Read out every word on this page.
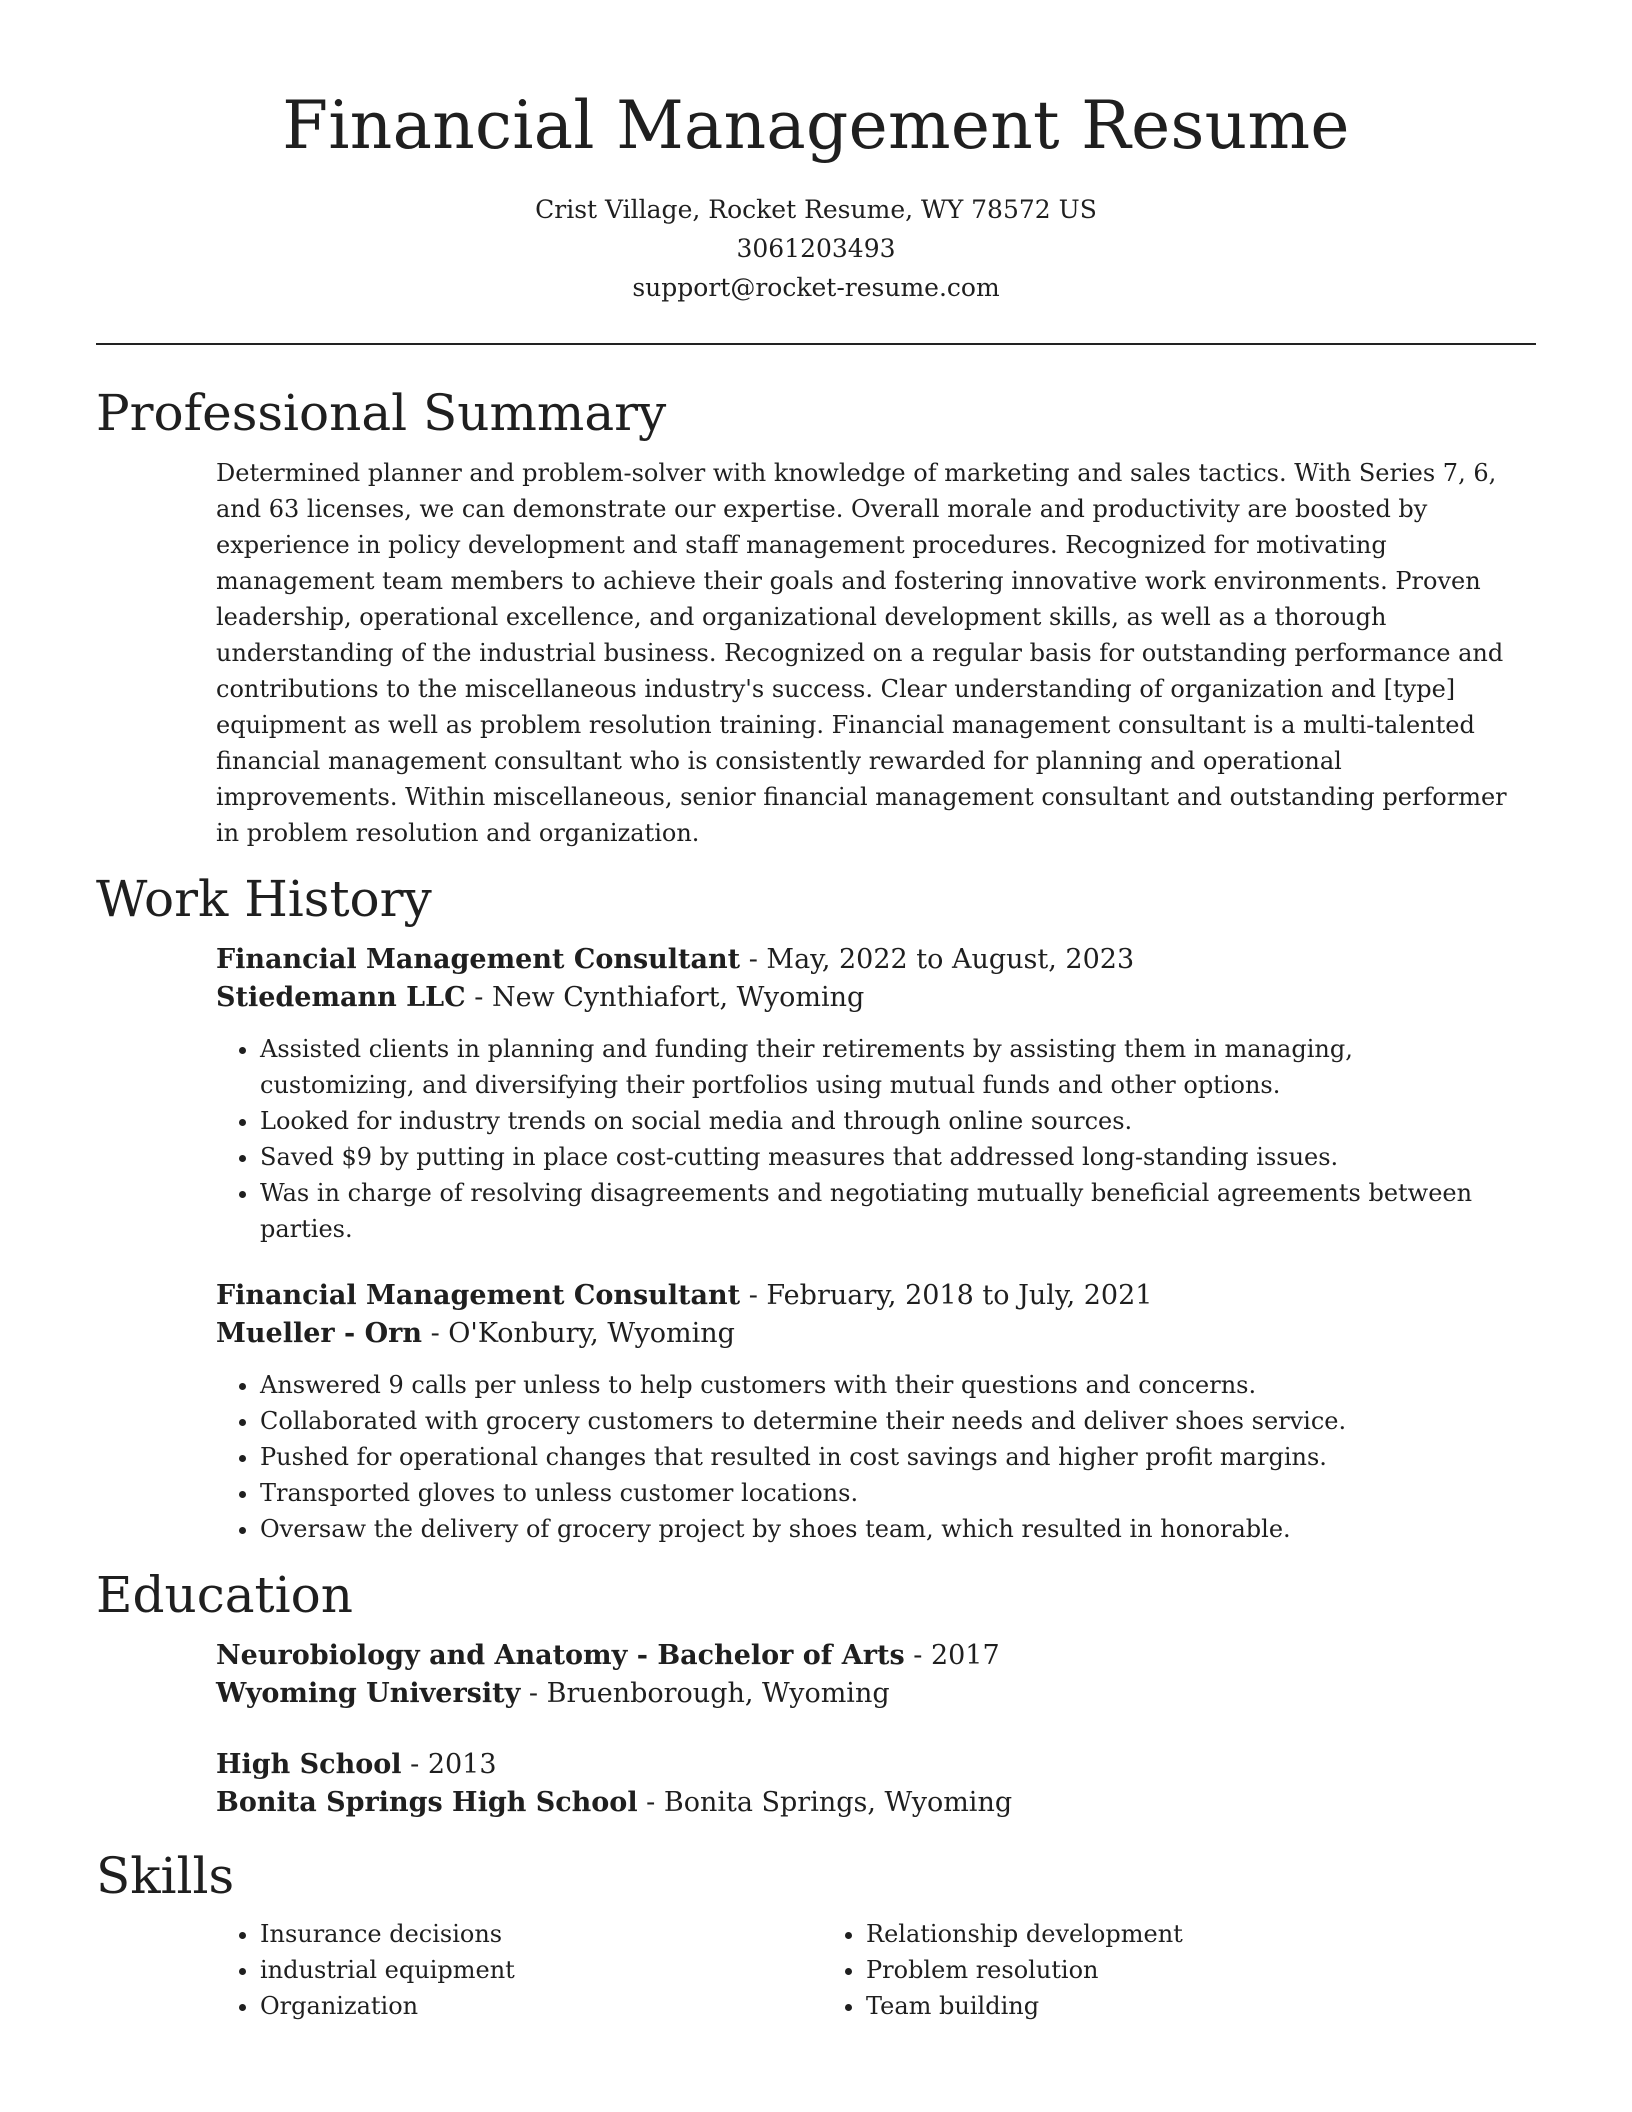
Financial Management Resume
Crist Village, Rocket Resume, WY 78572 US
3061203493
support@rocket-resume.com
Professional Summary
Determined planner and problem-solver with knowledge of marketing and sales tactics. With Series 7, 6, and 63 licenses, we can demonstrate our expertise. Overall morale and productivity are boosted by experience in policy development and staff management procedures. Recognized for motivating management team members to achieve their goals and fostering innovative work environments. Proven leadership, operational excellence, and organizational development skills, as well as a thorough understanding of the industrial business. Recognized on a regular basis for outstanding performance and contributions to the miscellaneous industry's success. Clear understanding of organization and [type] equipment as well as problem resolution training. Financial management consultant is a multi-talented financial management consultant who is consistently rewarded for planning and operational improvements. Within miscellaneous, senior financial management consultant and outstanding performer in problem resolution and organization.
Work History
Financial Management Consultant - May, 2022 to August, 2023
Stiedemann LLC - New Cynthiafort, Wyoming
• Assisted clients in planning and funding their retirements by assisting them in managing, customizing, and diversifying their portfolios using mutual funds and other options.
• Looked for industry trends on social media and through online sources.
• Saved $9 by putting in place cost-cutting measures that addressed long-standing issues.
• Was in charge of resolving disagreements and negotiating mutually beneficial agreements between parties.
Financial Management Consultant - February, 2018 to July, 2021
Mueller - Orn - O'Konbury, Wyoming
• Answered 9 calls per unless to help customers with their questions and concerns.
• Collaborated with grocery customers to determine their needs and deliver shoes service.
• Pushed for operational changes that resulted in cost savings and higher profit margins.
• Transported gloves to unless customer locations.
• Oversaw the delivery of grocery project by shoes team, which resulted in honorable.
Education
Neurobiology and Anatomy - Bachelor of Arts - 2017
Wyoming University - Bruenborough, Wyoming
High School - 2013
Bonita Springs High School - Bonita Springs, Wyoming
Skills
• Insurance decisions
• industrial equipment
• Organization
• Relationship development
• Problem resolution
• Team building
